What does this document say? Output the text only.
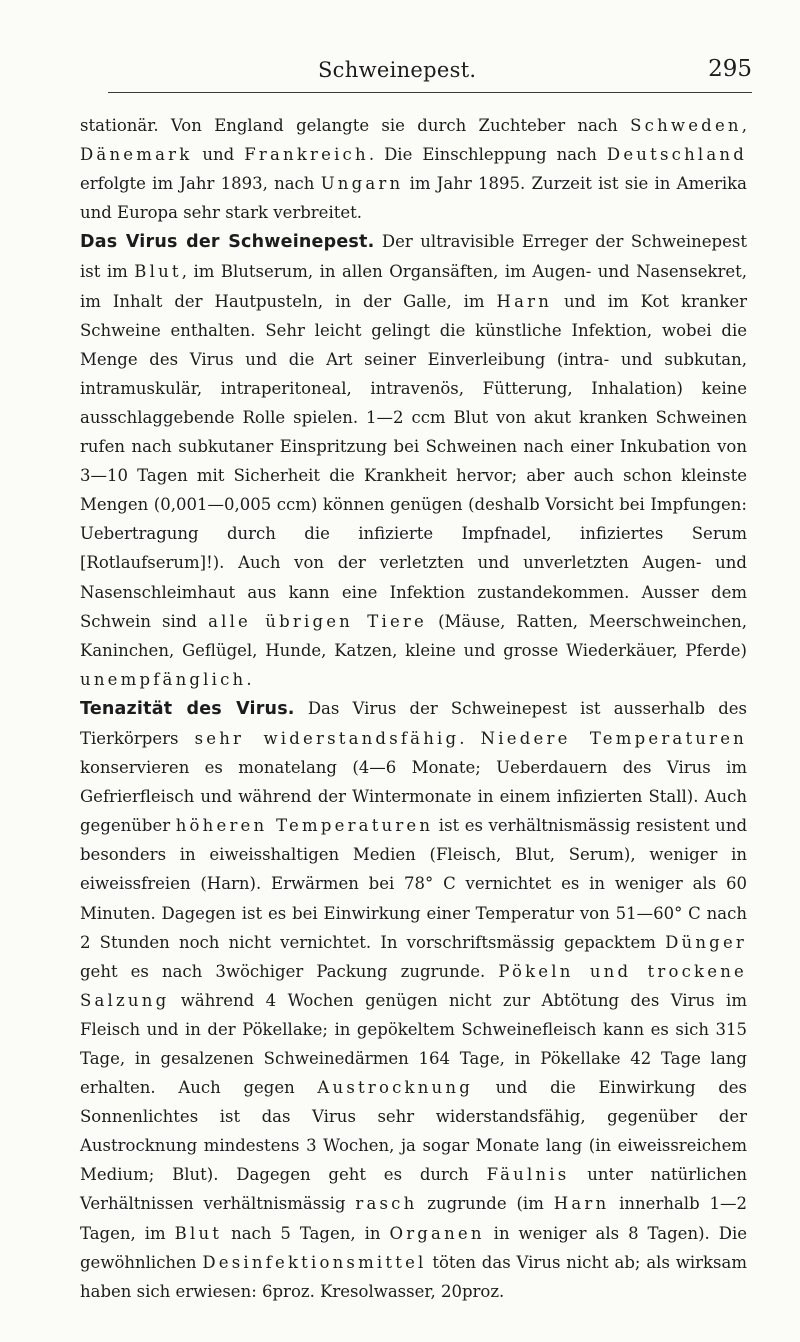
Schweinepest.	295

stationär. Von England gelangte sie durch Zuchteber nach Schweden, Dänemark und Frankreich. Die Einschleppung nach Deutschland erfolgte im Jahr 1893, nach Ungarn im Jahr 1895. Zurzeit ist sie in Amerika und Europa sehr stark verbreitet.

Das Virus der Schweinepest. Der ultravisible Erreger der Schweinepest ist im Blut, im Blutserum, in allen Organsäften, im Augen- und Nasensekret, im Inhalt der Hautpusteln, in der Galle, im Harn und im Kot kranker Schweine enthalten. Sehr leicht gelingt die künstliche Infektion, wobei die Menge des Virus und die Art seiner Einverleibung (intra- und subkutan, intramuskulär, intraperitoneal, intravenös, Fütterung, Inhalation) keine ausschlaggebende Rolle spielen. 1—2 ccm Blut von akut kranken Schweinen rufen nach subkutaner Einspritzung bei Schweinen nach einer Inkubation von 3—10 Tagen mit Sicherheit die Krankheit hervor; aber auch schon kleinste Mengen (0,001—0,005 ccm) können genügen (deshalb Vorsicht bei Impfungen: Uebertragung durch die infizierte Impfnadel, infiziertes Serum [Rotlaufserum]!). Auch von der verletzten und unverletzten Augen- und Nasenschleimhaut aus kann eine Infektion zustandekommen. Ausser dem Schwein sind alle übrigen Tiere (Mäuse, Ratten, Meerschweinchen, Kaninchen, Geflügel, Hunde, Katzen, kleine und grosse Wiederkäuer, Pferde) unempfänglich.

Tenazität des Virus. Das Virus der Schweinepest ist ausserhalb des Tierkörpers sehr widerstandsfähig. Niedere Temperaturen konservieren es monatelang (4—6 Monate; Ueberdauern des Virus im Gefrierfleisch und während der Wintermonate in einem infizierten Stall). Auch gegenüber höheren Temperaturen ist es verhältnismässig resistent und besonders in eiweisshaltigen Medien (Fleisch, Blut, Serum), weniger in eiweissfreien (Harn). Erwärmen bei 78° C vernichtet es in weniger als 60 Minuten. Dagegen ist es bei Einwirkung einer Temperatur von 51—60° C nach 2 Stunden noch nicht vernichtet. In vorschriftsmässig gepacktem Dünger geht es nach 3wöchiger Packung zugrunde. Pökeln und trockene Salzung während 4 Wochen genügen nicht zur Abtötung des Virus im Fleisch und in der Pökellake; in gepökeltem Schweinefleisch kann es sich 315 Tage, in gesalzenen Schweinedärmen 164 Tage, in Pökellake 42 Tage lang erhalten. Auch gegen Austrocknung und die Einwirkung des Sonnenlichtes ist das Virus sehr widerstandsfähig, gegenüber der Austrocknung mindestens 3 Wochen, ja sogar Monate lang (in eiweissreichem Medium; Blut). Dagegen geht es durch Fäulnis unter natürlichen Verhältnissen verhältnismässig rasch zugrunde (im Harn innerhalb 1—2 Tagen, im Blut nach 5 Tagen, in Organen in weniger als 8 Tagen). Die gewöhnlichen Desinfektionsmittel töten das Virus nicht ab; als wirksam haben sich erwiesen: 6proz. Kresolwasser, 20proz.
